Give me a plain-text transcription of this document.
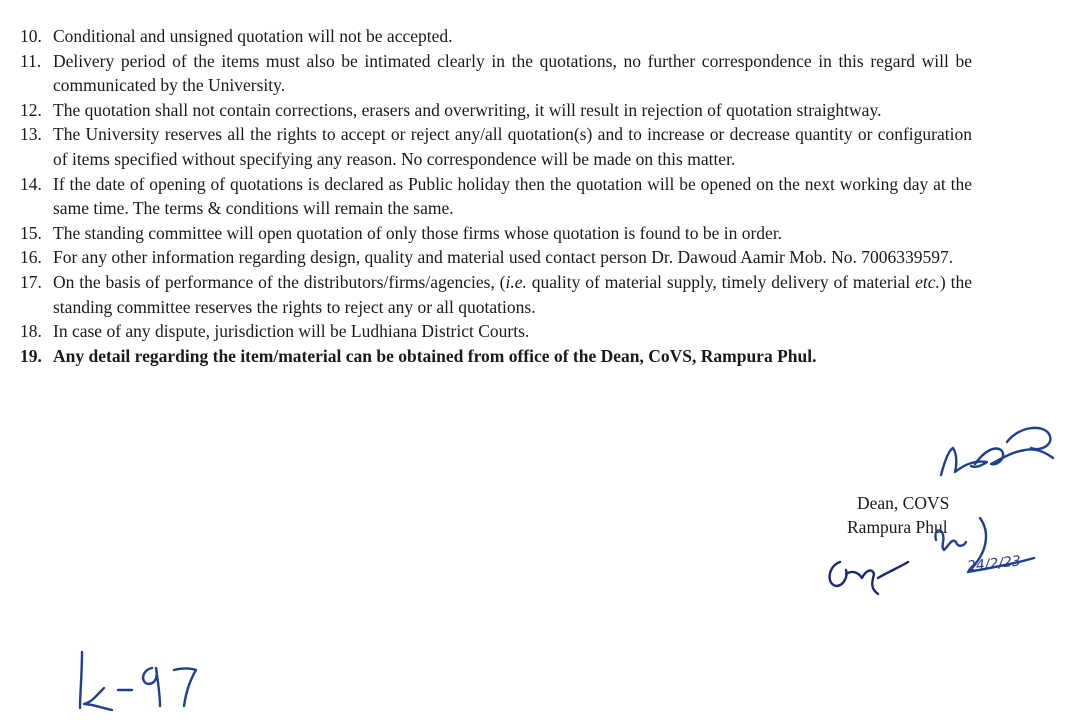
10. Conditional and unsigned quotation will not be accepted.
11. Delivery period of the items must also be intimated clearly in the quotations, no further correspondence in this regard will be communicated by the University.
12. The quotation shall not contain corrections, erasers and overwriting, it will result in rejection of quotation straightway.
13. The University reserves all the rights to accept or reject any/all quotation(s) and to increase or decrease quantity or configuration of items specified without specifying any reason. No correspondence will be made on this matter.
14. If the date of opening of quotations is declared as Public holiday then the quotation will be opened on the next working day at the same time. The terms & conditions will remain the same.
15. The standing committee will open quotation of only those firms whose quotation is found to be in order.
16. For any other information regarding design, quality and material used contact person Dr. Dawoud Aamir Mob. No. 7006339597.
17. On the basis of performance of the distributors/firms/agencies, (i.e. quality of material supply, timely delivery of material etc.) the standing committee reserves the rights to reject any or all quotations.
18. In case of any dispute, jurisdiction will be Ludhiana District Courts.
19. Any detail regarding the item/material can be obtained from office of the Dean, CoVS, Rampura Phul.
Dean, COVS
Rampura Phul
24/2/23
